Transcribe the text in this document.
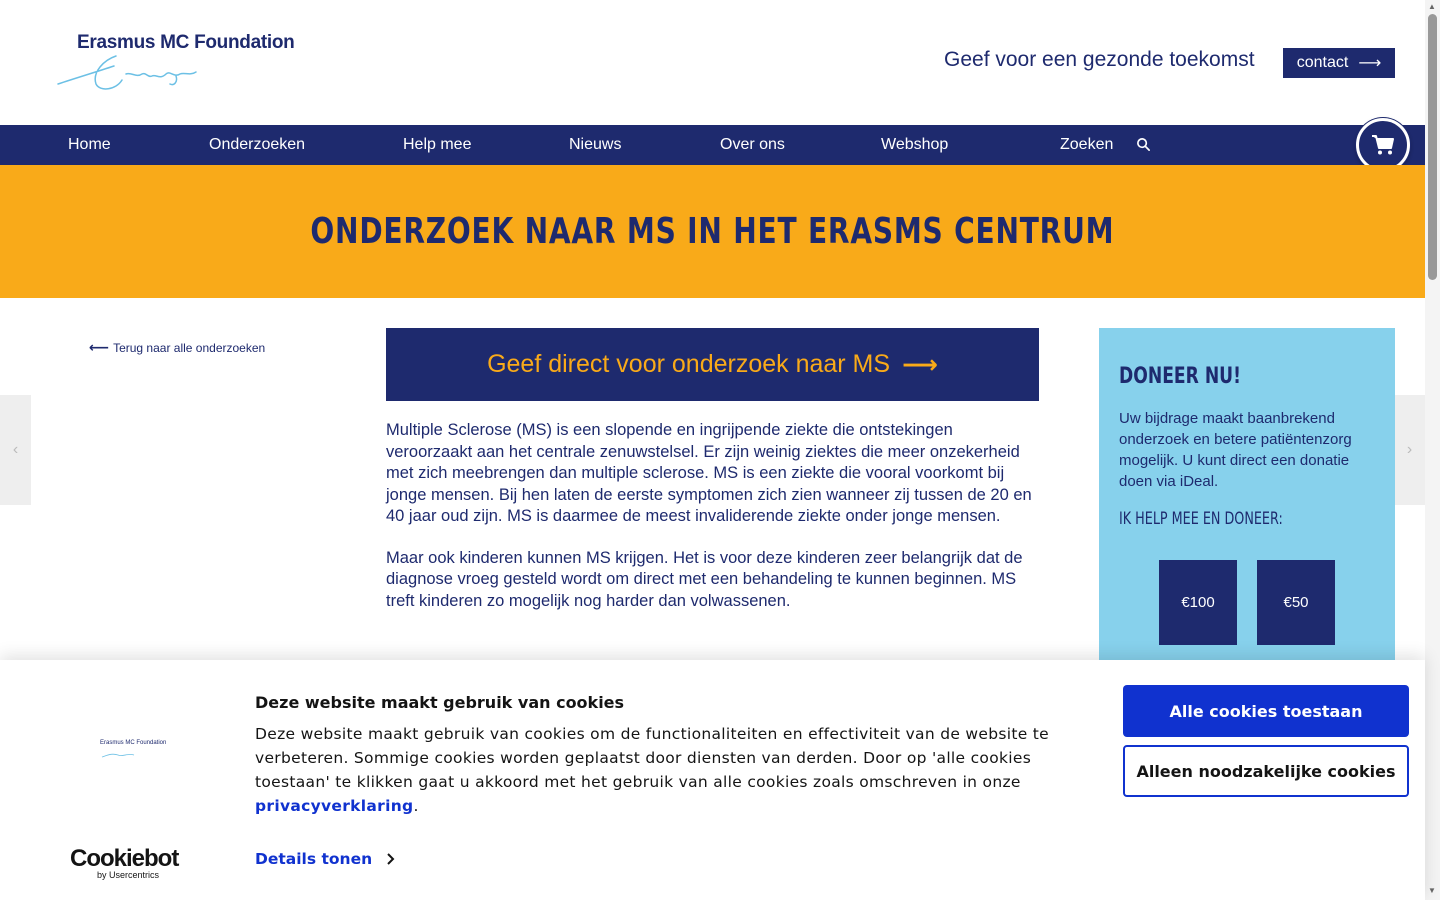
Erasmus MC Foundation
Geef voor een gezonde toekomst	contact ⟶
Home	Onderzoeken	Help mee	Nieuws	Over ons	Webshop	Zoeken
ONDERZOEK NAAR MS IN HET ERASMS CENTRUM
‹	›
⟵ Terug naar alle onderzoeken
Geef direct voor onderzoek naar MS ⟶

Multiple Sclerose (MS) is een slopende en ingrijpende ziekte die ontstekingen veroorzaakt aan het centrale zenuwstelsel. Er zijn weinig ziektes die meer onzekerheid met zich meebrengen dan multiple sclerose. MS is een ziekte die vooral voorkomt bij jonge mensen. Bij hen laten de eerste symptomen zich zien wanneer zij tussen de 20 en 40 jaar oud zijn. MS is daarmee de meest invaliderende ziekte onder jonge mensen.

Maar ook kinderen kunnen MS krijgen. Het is voor deze kinderen zeer belangrijk dat de diagnose vroeg gesteld wordt om direct met een behandeling te kunnen beginnen. MS treft kinderen zo mogelijk nog harder dan volwassenen.

DONEER NU!
Uw bijdrage maakt baanbrekend onderzoek en betere patiëntenzorg mogelijk. U kunt direct een donatie doen via iDeal.
IK HELP MEE EN DONEER:
€100	€50
▲
▼
Erasmus MC Foundation
Cookiebot
by Usercentrics
Deze website maakt gebruik van cookies
Deze website maakt gebruik van cookies om de functionaliteiten en effectiviteit van de website te verbeteren. Sommige cookies worden geplaatst door diensten van derden. Door op 'alle cookies toestaan' te klikken gaat u akkoord met het gebruik van alle cookies zoals omschreven in onze privacyverklaring.
Details tonen
Alle cookies toestaan
Alleen noodzakelijke cookies
